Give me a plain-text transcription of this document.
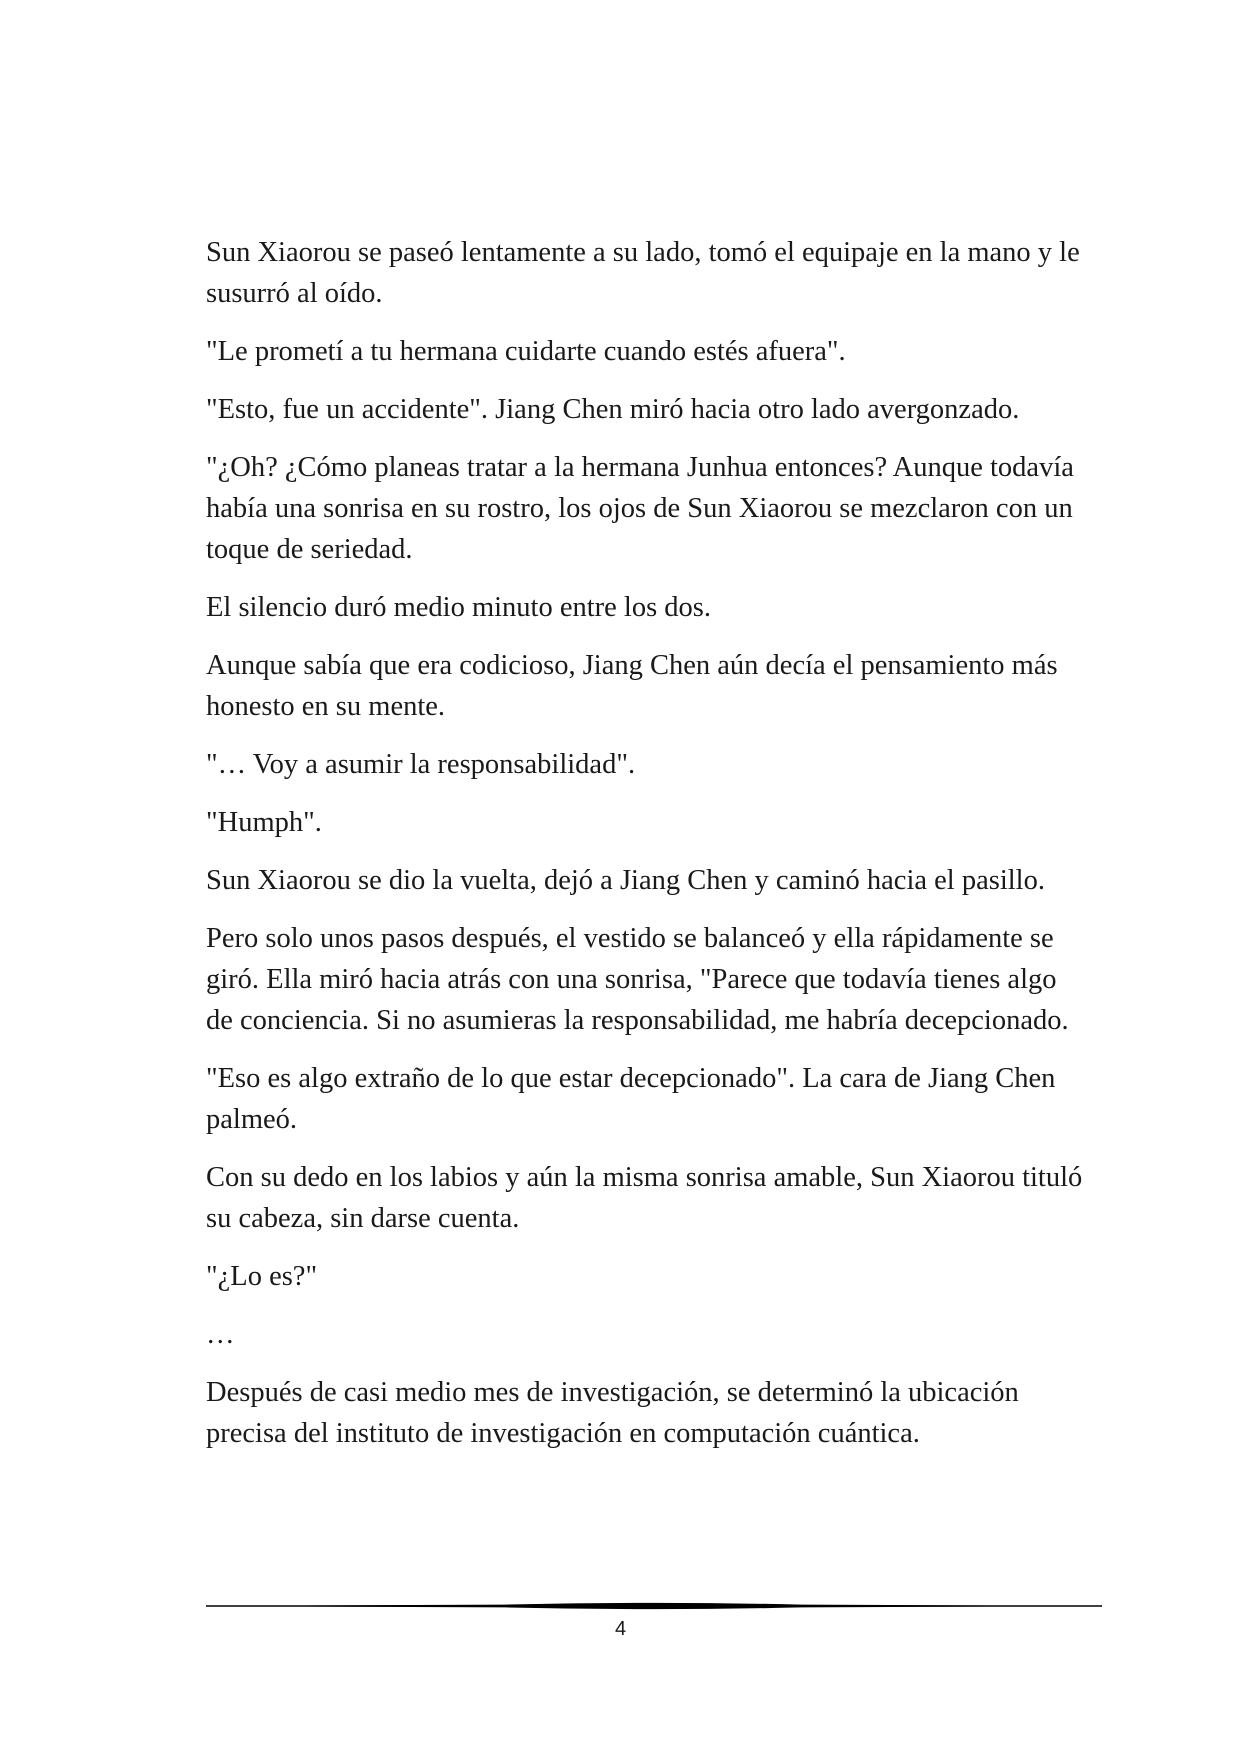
Sun Xiaorou se paseó lentamente a su lado, tomó el equipaje en la mano y le susurró al oído.

"Le prometí a tu hermana cuidarte cuando estés afuera".

"Esto, fue un accidente". Jiang Chen miró hacia otro lado avergonzado.

"¿Oh? ¿Cómo planeas tratar a la hermana Junhua entonces? Aunque todavía había una sonrisa en su rostro, los ojos de Sun Xiaorou se mezclaron con un toque de seriedad.

El silencio duró medio minuto entre los dos.

Aunque sabía que era codicioso, Jiang Chen aún decía el pensamiento más honesto en su mente.

"… Voy a asumir la responsabilidad".

"Humph".

Sun Xiaorou se dio la vuelta, dejó a Jiang Chen y caminó hacia el pasillo.

Pero solo unos pasos después, el vestido se balanceó y ella rápidamente se giró. Ella miró hacia atrás con una sonrisa, "Parece que todavía tienes algo de conciencia. Si no asumieras la responsabilidad, me habría decepcionado.

"Eso es algo extraño de lo que estar decepcionado". La cara de Jiang Chen palmeó.

Con su dedo en los labios y aún la misma sonrisa amable, Sun Xiaorou tituló su cabeza, sin darse cuenta.

"¿Lo es?"

…

Después de casi medio mes de investigación, se determinó la ubicación precisa del instituto de investigación en computación cuántica.

4
